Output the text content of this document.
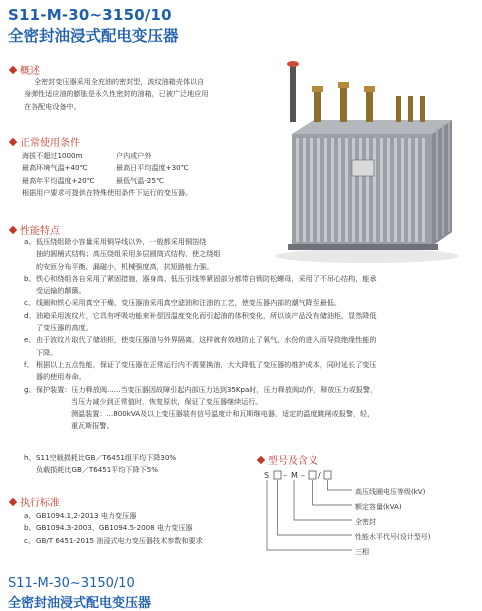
S11-M-30~3150/10
全密封油浸式配电变压器
概述
全密封变压器采用全充油的密封型，波纹油箱壳体以自
身弹性适应油的膨胀是永久性密封的油箱，已被广泛地应用
在各配电设备中。
正常使用条件
海拔不超过1000m	户内或户外
最高环境气温+40℃	最高日平均温度+30℃
最高年平均温度+20℃	最低气温-25℃
根据用户要求可提供在特殊使用条件下运行的变压器。
性能特点
a、 低压绕组除小容量采用铜导线以外，一般都采用铜箔绕
抽的圆桶式结构；高压绕组采用多层圆筒式结构，使之绕组
的安匝分布平衡，漏磁小，机械强度高，抗短路能力强。
b、 铁心和绕组各自采用了紧固措施，器身高、低压引线等紧固部分都带自锁防松螺母，采用了不吊心结构，能承
受运输的颠簸。
c、 线圈和铁心采用真空干燥，变压器油采用真空滤油和注油的工艺，使变压器内部的潮气降至最低。
d、 油箱采用波纹片，它具有呼吸功能来补偿因温度变化而引起油的体积变化，所以该产品没有储油柜，显然降低
了变压器的高度。
e、 由于波纹片取代了储油柜，使变压器油与外界隔离，这样就有效地防止了氧气、水份的进入而导致绝缘性能的
下降。
f、 根据以上五点性能，保证了变压器在正常运行内不需要换油，大大降低了变压器的维护成本，同时延长了变压
器的使用寿命。
g、 保护装置：压力释放阀......当变压器因故障引起内部压力达到35Kpa时，压力释放阀动作，释放压力或报警，
当压力减少到正常值时，恢复原状，保证了变压器继续运行。
测温装置：...800kVA及以上变压器装有信号温度计和瓦斯继电器，适定的温度跳闸或报警，轻，
重瓦斯报警。
h、 S11空载损耗比GB／T6451组平均下降30%
负载损耗比GB／T6451平均下降下5%
型号及含义
S – M – /
高压线圈电压等级(kV)
额定容量(kVA)
全密封
性能水平代号(设计型号)
三相
执行标准
a、 GB1094.1,2-2013 电力变压器
b、 GB1094.3-2003、GB1094.5-2008 电力变压器
c、 GB/T 6451-2015 油浸式电力变压器技术参数和要求
S11-M-30~3150/10
全密封油浸式配电变压器
